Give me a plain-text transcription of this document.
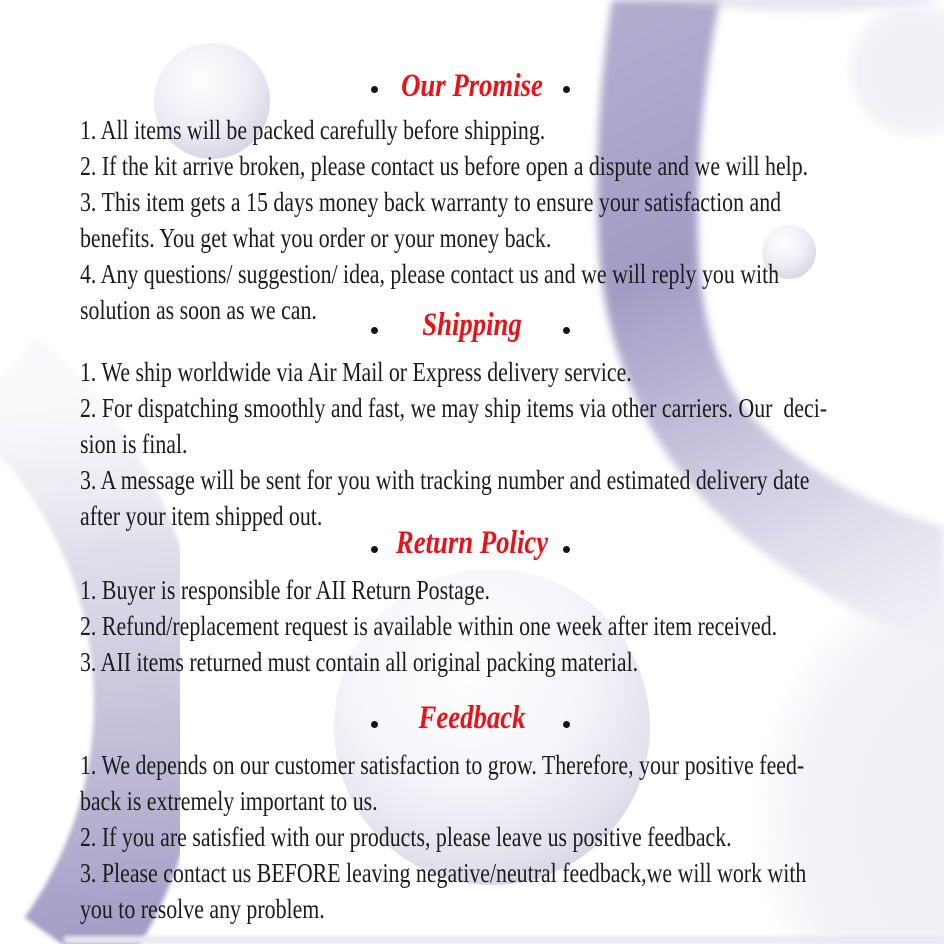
Our Promise
1. All items will be packed carefully before shipping.
2. If the kit arrive broken, please contact us before open a dispute and we will help.
3. This item gets a 15 days money back warranty to ensure your satisfaction and
benefits. You get what you order or your money back.
4. Any questions/ suggestion/ idea, please contact us and we will reply you with
solution as soon as we can.	Shipping
1. We ship worldwide via Air Mail or Express delivery service.
2. For dispatching smoothly and fast, we may ship items via other carriers. Our  deci-
sion is final.
3. A message will be sent for you with tracking number and estimated delivery date
after your item shipped out.
Return Policy
1. Buyer is responsible for AII Return Postage.
2. Refund/replacement request is available within one week after item received.
3. AII items returned must contain all original packing material.
Feedback
1. We depends on our customer satisfaction to grow. Therefore, your positive feed-
back is extremely important to us.
2. If you are satisfied with our products, please leave us positive feedback.
3. Please contact us BEFORE leaving negative/neutral feedback,we will work with
you to resolve any problem.
